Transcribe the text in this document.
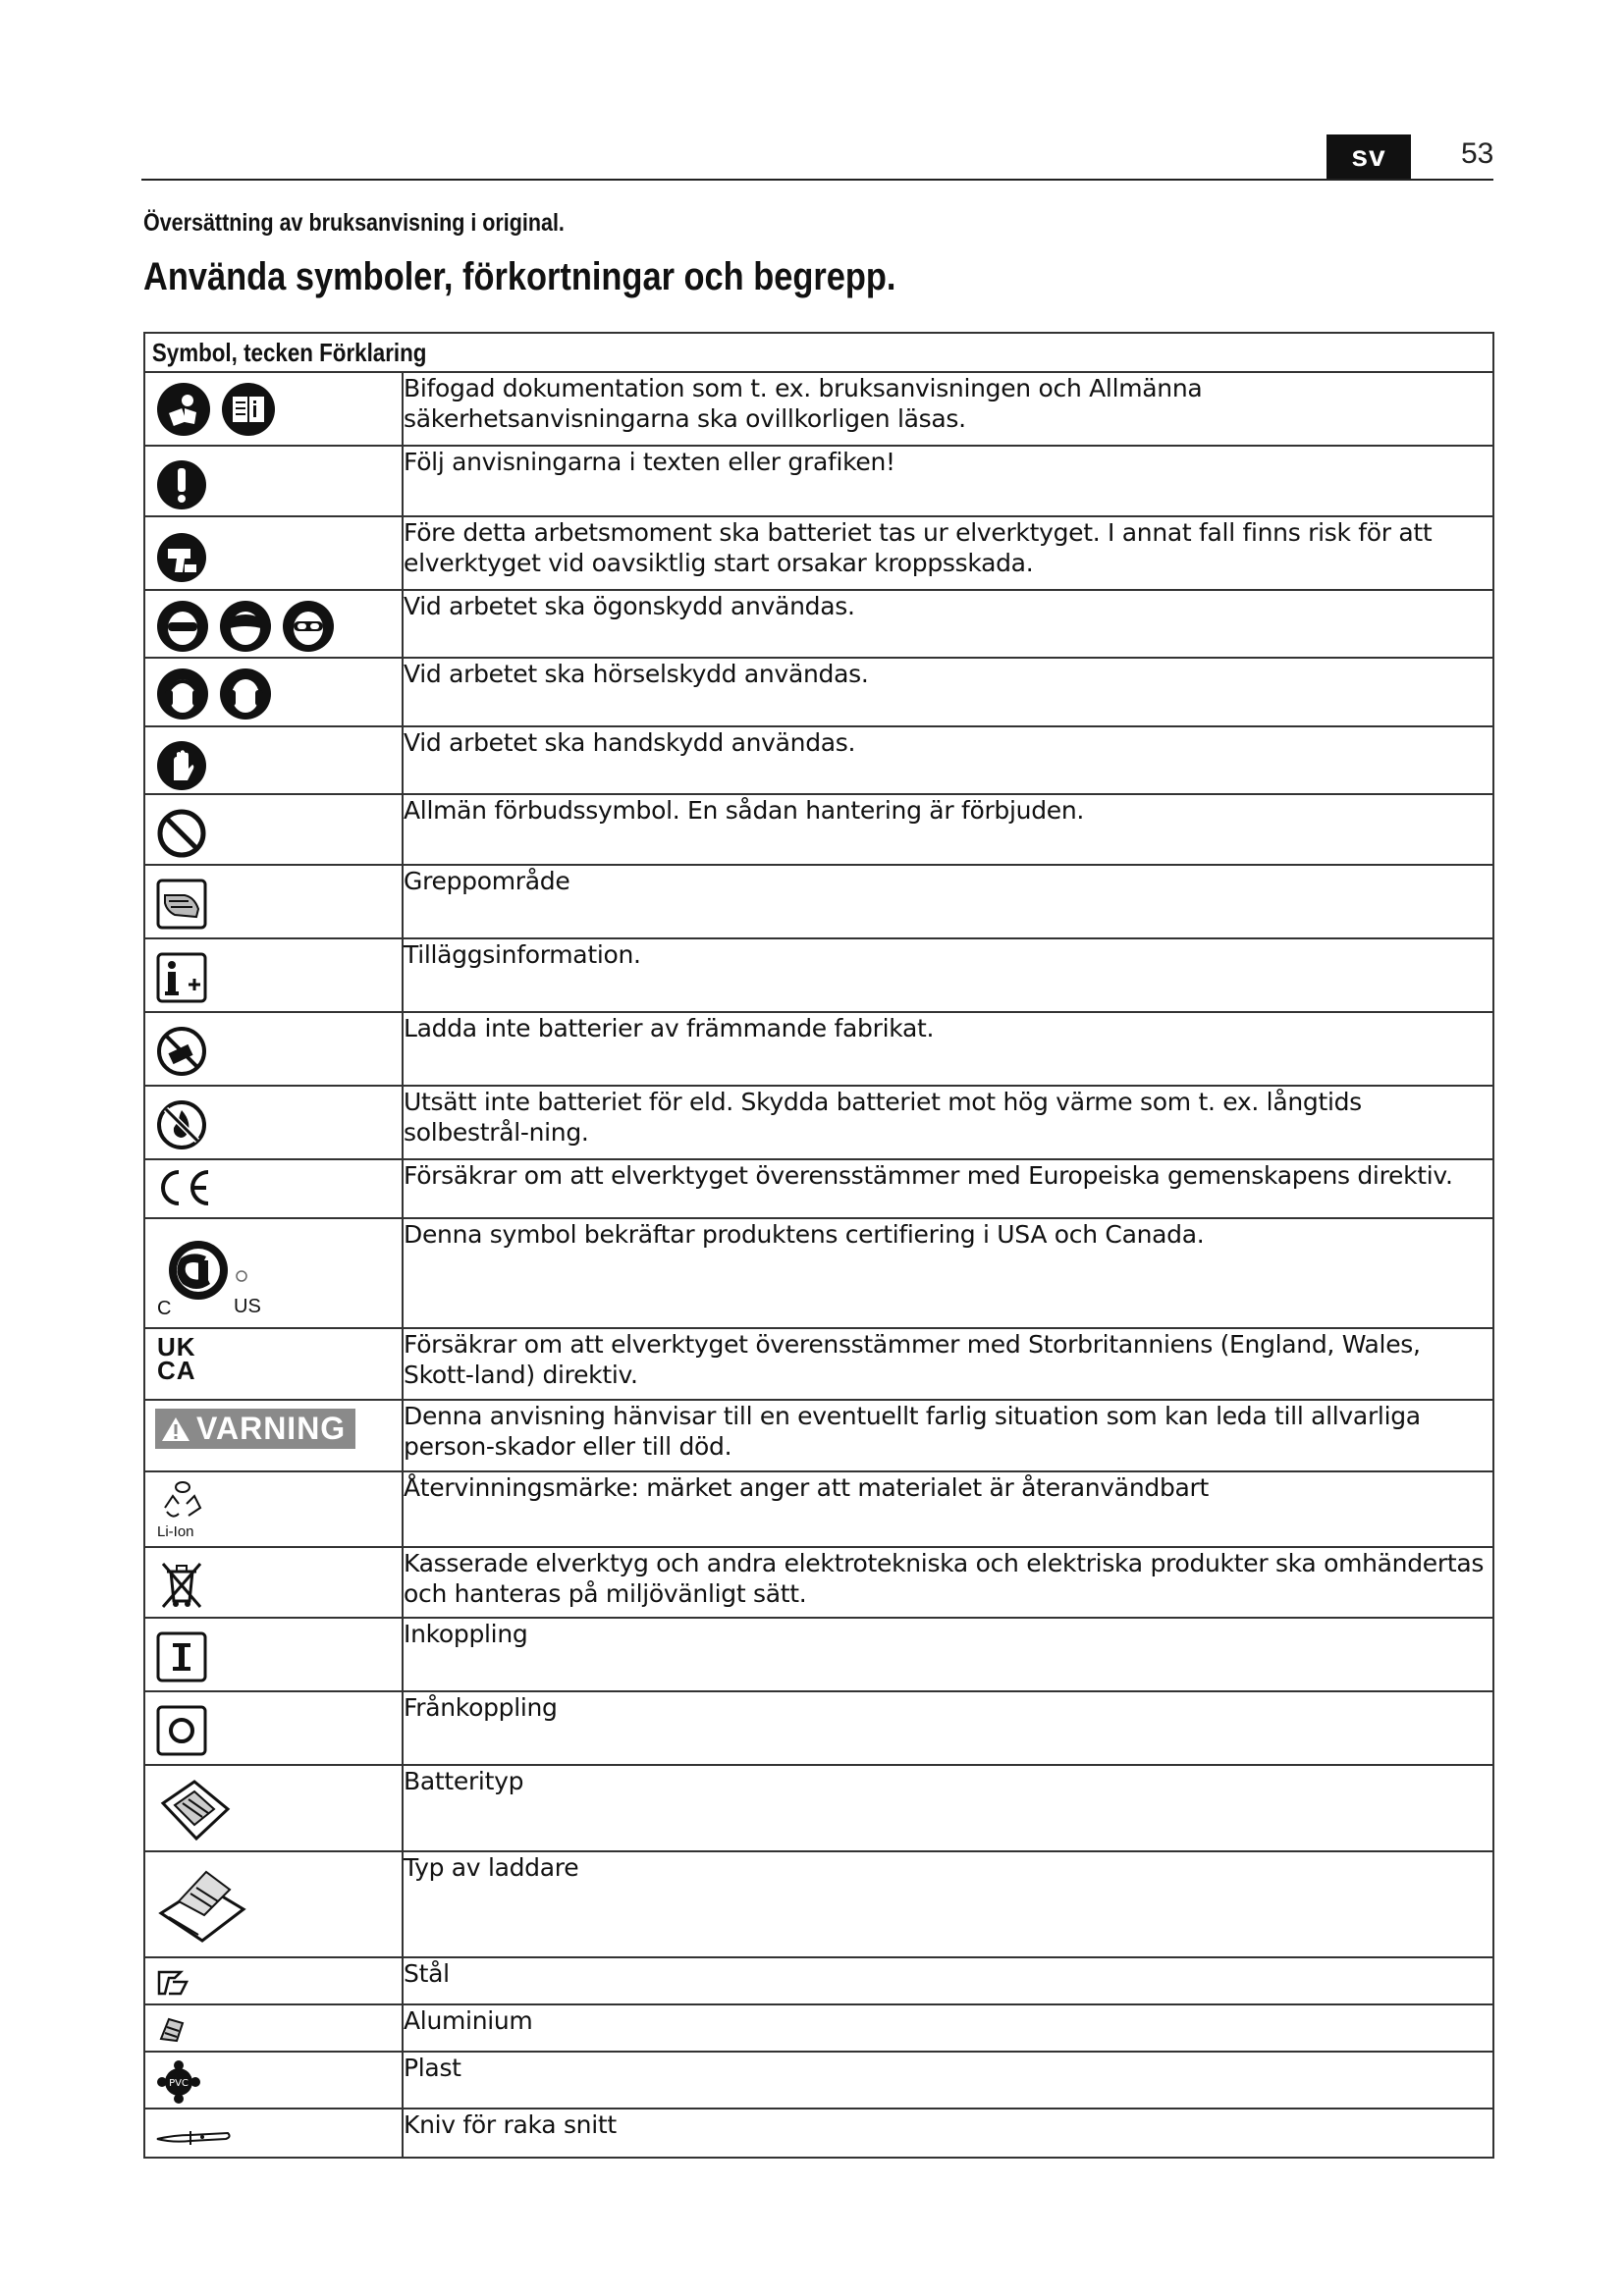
sv	53
Översättning av bruksanvisning i original.
Använda symboler, förkortningar och begrepp.
Symbol, tecken Förklaring	

	Bifogad dokumentation som t. ex. bruksanvisningen och Allmänna säkerhetsanvisningarna ska ovillkorligen läsas.

	Följ anvisningarna i texten eller grafiken!

	Före detta arbetsmoment ska batteriet tas ur elverktyget. I annat fall finns risk för att elverktyget vid oavsiktlig start orsakar kroppsskada.

	Vid arbetet ska ögonskydd användas.

	Vid arbetet ska hörselskydd användas.

	Vid arbetet ska handskydd användas.

	Allmän förbudssymbol. En sådan hantering är förbjuden.

	Greppområde

	Tilläggsinformation.

	Ladda inte batterier av främmande fabrikat.

	Utsätt inte batteriet för eld. Skydda batteriet mot hög värme som t. ex. långtids solbestrål-ning.

	Försäkrar om att elverktyget överensstämmer med Europeiska gemenskapens direktiv.

C US	Denna symbol bekräftar produktens certifiering i USA och Canada.

UK
CA	Försäkrar om att elverktyget överensstämmer med Storbritanniens (England, Wales, Skott-land) direktiv.

VARNING	Denna anvisning hänvisar till en eventuellt farlig situation som kan leda till allvarliga person-skador eller till död.

Li-Ion	Återvinningsmärke: märket anger att materialet är återanvändbart

	Kasserade elverktyg och andra elektrotekniska och elektriska produkter ska omhändertas och hanteras på miljövänligt sätt.

	Inkoppling

	Frånkoppling

	Batterityp

	Typ av laddare

	Stål

	Aluminium

PVC	Plast

	Kniv för raka snitt
